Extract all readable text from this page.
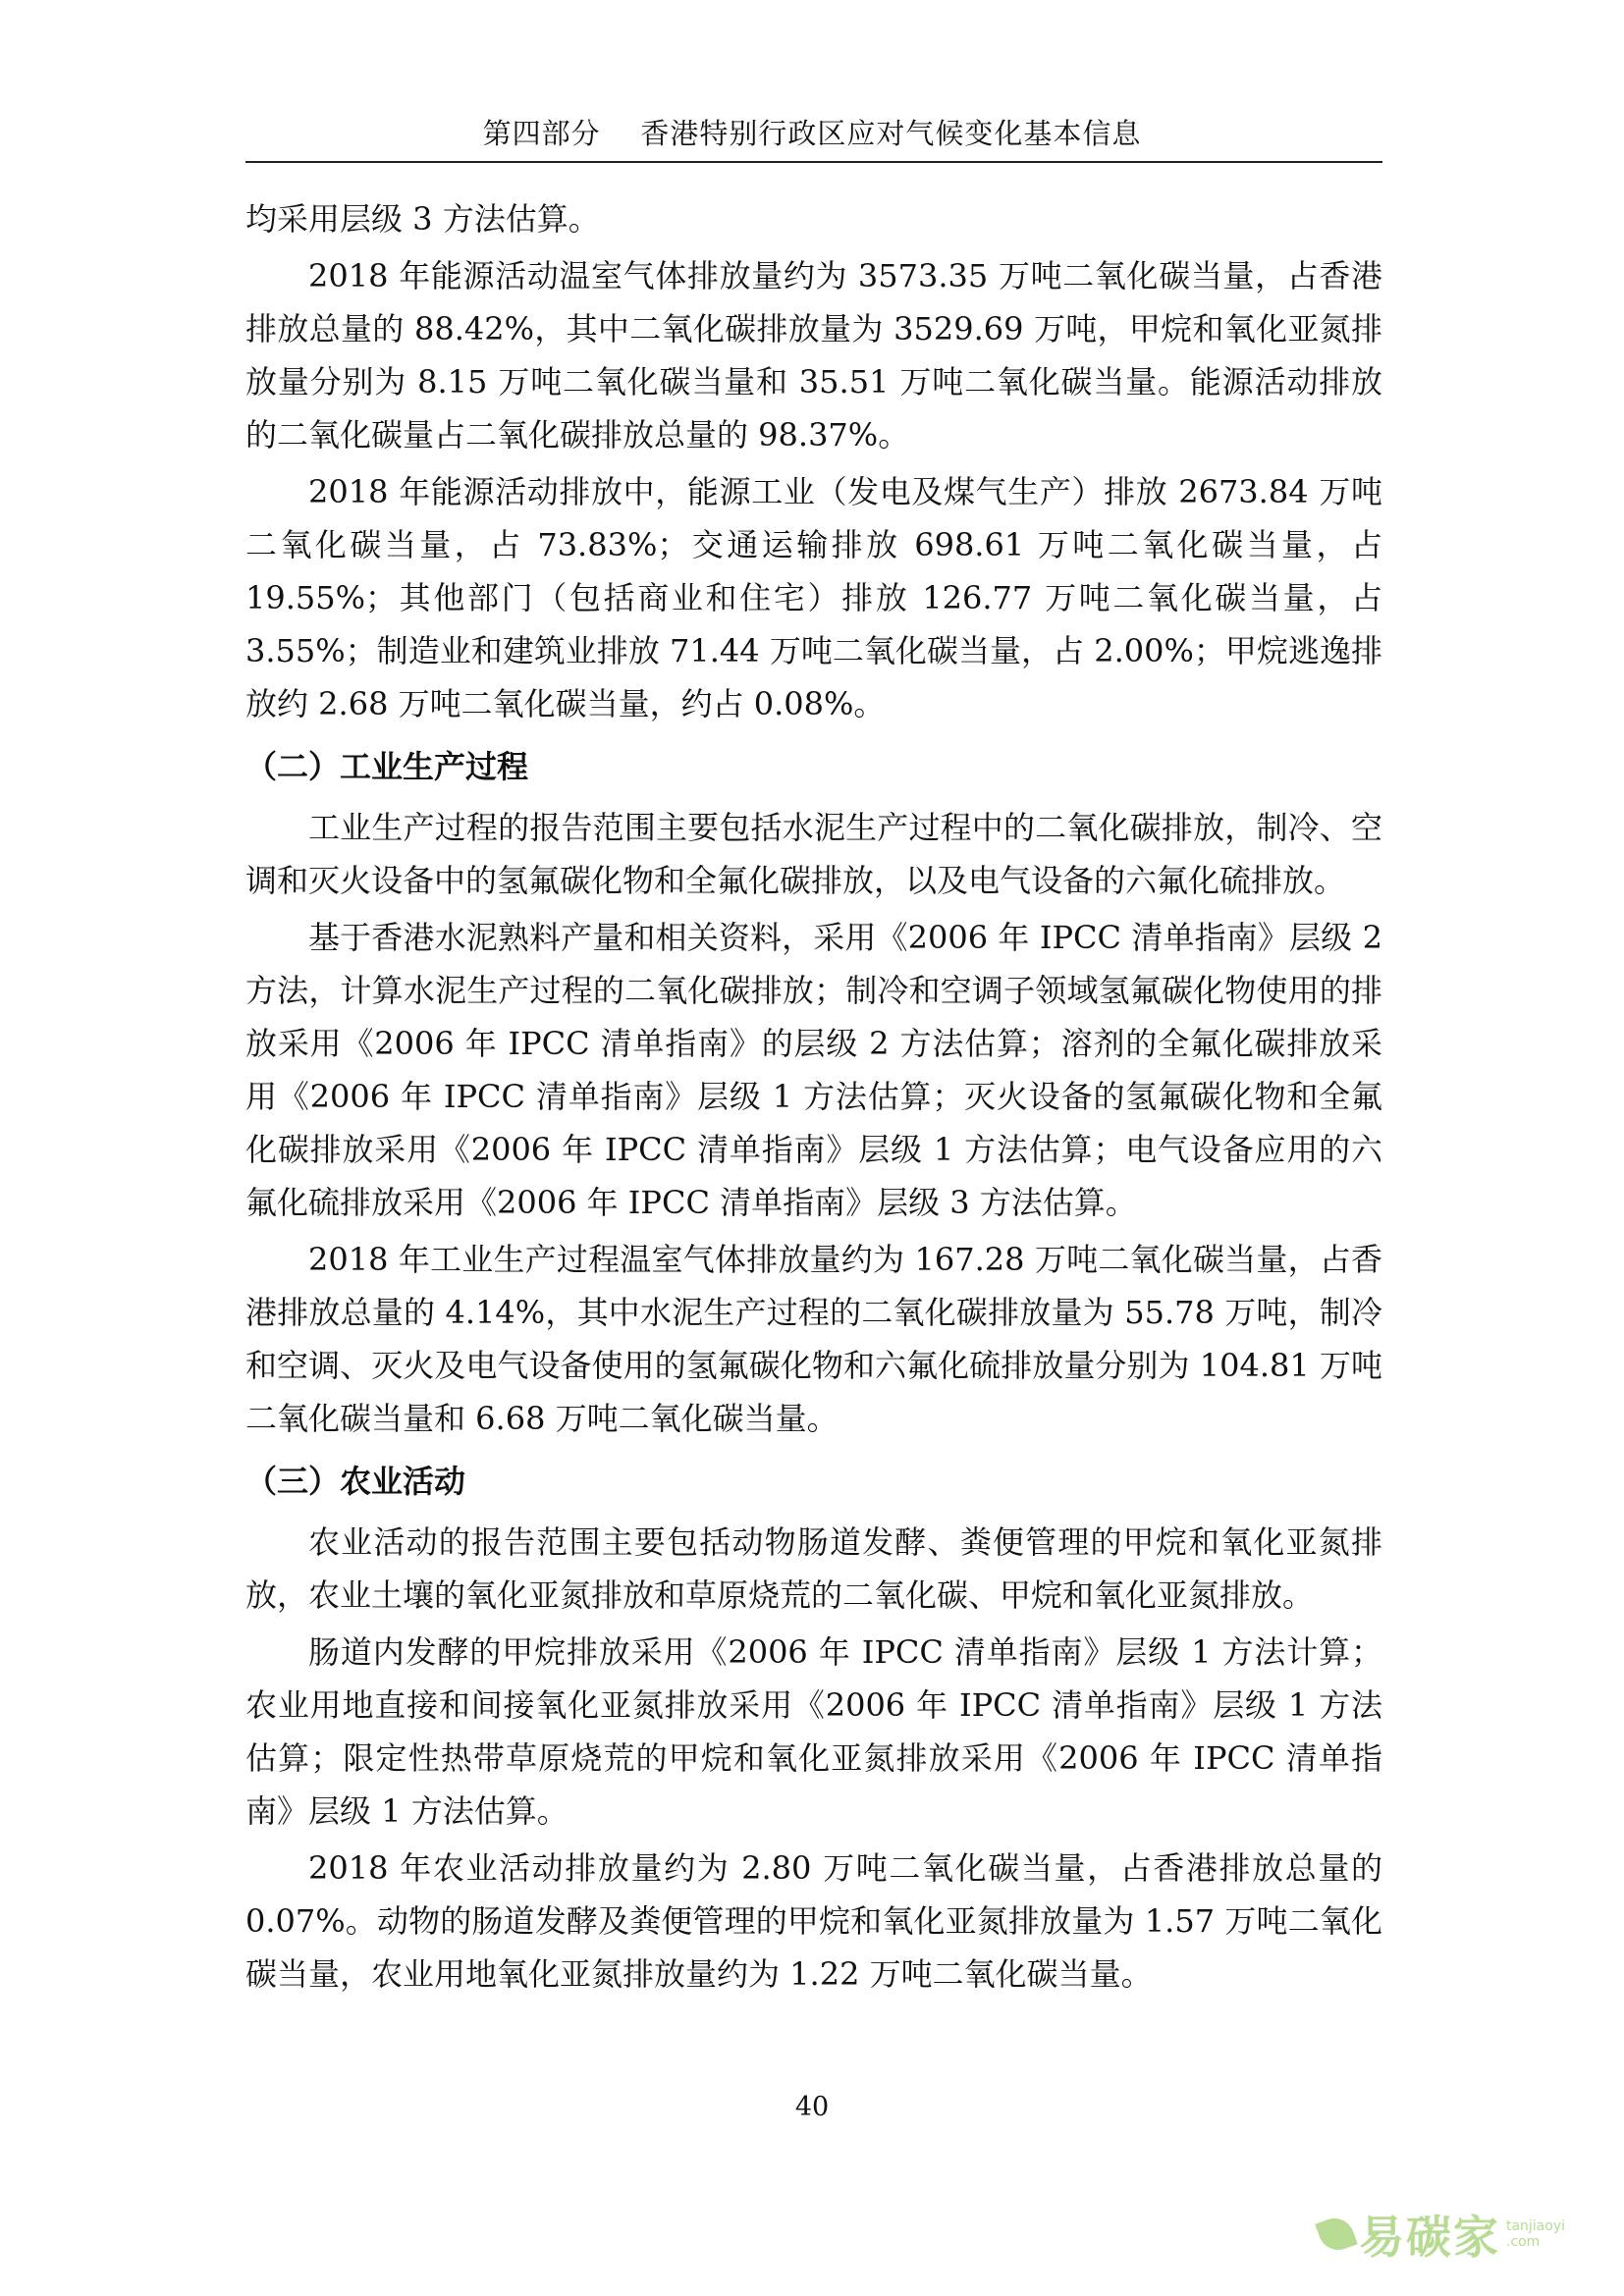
第四部分    香港特别行政区应对气候变化基本信息

均采用层级 3 方法估算。

2018 年能源活动温室气体排放量约为 3573.35 万吨二氧化碳当量，占香港排放总量的 88.42%，其中二氧化碳排放量为 3529.69 万吨，甲烷和氧化亚氮排放量分别为 8.15 万吨二氧化碳当量和 35.51 万吨二氧化碳当量。能源活动排放的二氧化碳量占二氧化碳排放总量的 98.37%。

2018 年能源活动排放中，能源工业（发电及煤气生产）排放 2673.84 万吨二氧化碳当量，占 73.83%；交通运输排放 698.61 万吨二氧化碳当量，占 19.55%；其他部门（包括商业和住宅）排放 126.77 万吨二氧化碳当量，占 3.55%；制造业和建筑业排放 71.44 万吨二氧化碳当量，占 2.00%；甲烷逃逸排放约 2.68 万吨二氧化碳当量，约占 0.08%。

（二）工业生产过程

工业生产过程的报告范围主要包括水泥生产过程中的二氧化碳排放，制冷、空调和灭火设备中的氢氟碳化物和全氟化碳排放，以及电气设备的六氟化硫排放。

基于香港水泥熟料产量和相关资料，采用《2006 年 IPCC 清单指南》层级 2 方法，计算水泥生产过程的二氧化碳排放；制冷和空调子领域氢氟碳化物使用的排放采用《2006 年 IPCC 清单指南》的层级 2 方法估算；溶剂的全氟化碳排放采用《2006 年 IPCC 清单指南》层级 1 方法估算；灭火设备的氢氟碳化物和全氟化碳排放采用《2006 年 IPCC 清单指南》层级 1 方法估算；电气设备应用的六氟化硫排放采用《2006 年 IPCC 清单指南》层级 3 方法估算。

2018 年工业生产过程温室气体排放量约为 167.28 万吨二氧化碳当量，占香港排放总量的 4.14%，其中水泥生产过程的二氧化碳排放量为 55.78 万吨，制冷和空调、灭火及电气设备使用的氢氟碳化物和六氟化硫排放量分别为 104.81 万吨二氧化碳当量和 6.68 万吨二氧化碳当量。

（三）农业活动

农业活动的报告范围主要包括动物肠道发酵、粪便管理的甲烷和氧化亚氮排放，农业土壤的氧化亚氮排放和草原烧荒的二氧化碳、甲烷和氧化亚氮排放。

肠道内发酵的甲烷排放采用《2006 年 IPCC 清单指南》层级 1 方法计算；农业用地直接和间接氧化亚氮排放采用《2006 年 IPCC 清单指南》层级 1 方法估算；限定性热带草原烧荒的甲烷和氧化亚氮排放采用《2006 年 IPCC 清单指南》层级 1 方法估算。

2018 年农业活动排放量约为 2.80 万吨二氧化碳当量，占香港排放总量的 0.07%。动物的肠道发酵及粪便管理的甲烷和氧化亚氮排放量为 1.57 万吨二氧化碳当量，农业用地氧化亚氮排放量约为 1.22 万吨二氧化碳当量。

40
易碳家 tanjiaoyi
.com
